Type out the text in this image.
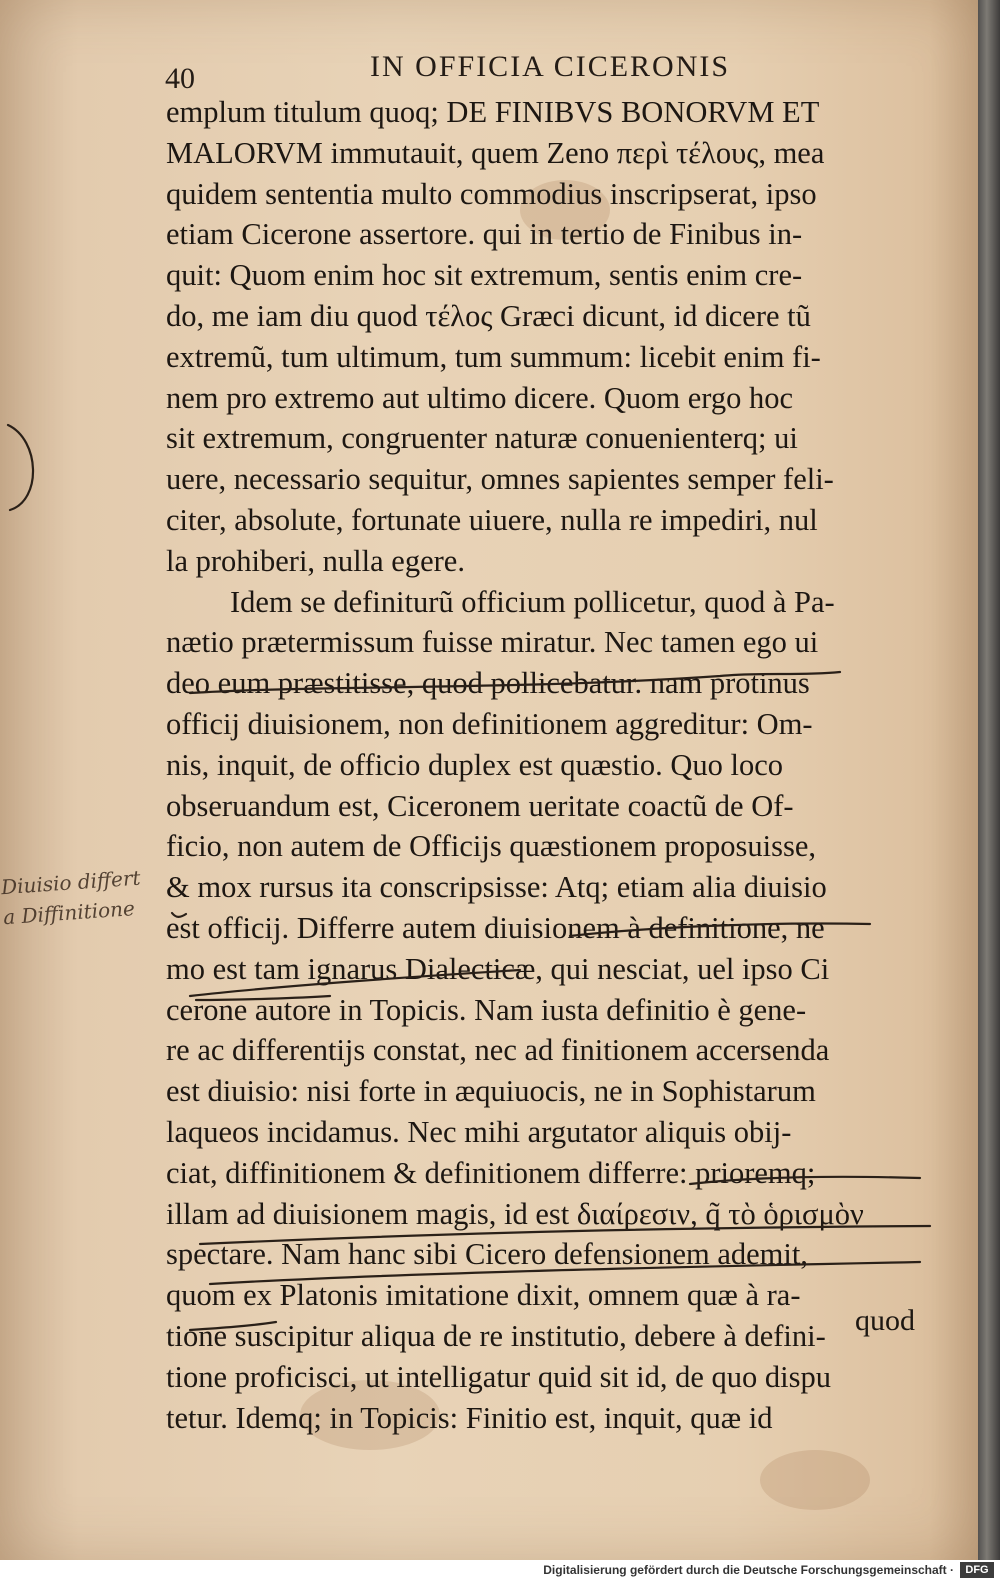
40	IN OFFICIA CICERONIS
emplum titulum quoq; DE FINIBVS BONORVM ET
MALORVM immutauit, quem Zeno περὶ τέλους, mea
quidem sententia multo commodius inscripserat, ipso
etiam Cicerone assertore. qui in tertio de Finibus in-
quit: Quom enim hoc sit extremum, sentis enim cre-
do, me iam diu quod τέλος Græci dicunt, id dicere tũ
extremũ, tum ultimum, tum summum: licebit enim fi-
nem pro extremo aut ultimo dicere. Quom ergo hoc
sit extremum, congruenter naturæ conuenienterq; ui
uere, necessario sequitur, omnes sapientes semper feli-
citer, absolute, fortunate uiuere, nulla re impediri, nul
la prohiberi, nulla egere.
Idem se definiturũ officium pollicetur, quod à Pa-
nætio prætermissum fuisse miratur. Nec tamen ego ui
deo eum præstitisse, quod pollicebatur. nam protinus
officij diuisionem, non definitionem aggreditur: Om-
nis, inquit, de officio duplex est quæstio. Quo loco
obseruandum est, Ciceronem ueritate coactũ de Of-
ficio, non autem de Officijs quæstionem proposuisse,
& mox rursus ita conscripsisse: Atq; etiam alia diuisio
est officij. Differre autem diuisionem à definitione, ne
mo est tam ignarus Dialecticæ, qui nesciat, uel ipso Ci
cerone autore in Topicis. Nam iusta definitio è gene-
re ac differentijs constat, nec ad finitionem accersenda
est diuisio: nisi forte in æquiuocis, ne in Sophistarum
laqueos incidamus. Nec mihi argutator aliquis obij-
ciat, diffinitionem & definitionem differre: prioremq;
illam ad diuisionem magis, id est διαίρεσιν, q̃ τὸ ὁρισμὸν
spectare. Nam hanc sibi Cicero defensionem ademit,
quom ex Platonis imitatione dixit, omnem quæ à ra-
tione suscipitur aliqua de re institutio, debere à defini-
tione proficisci, ut intelligatur quid sit id, de quo dispu
tetur. Idemq; in Topicis: Finitio est, inquit, quæ id
quod
Diuisio differt
a Diffinitione
Digitalisierung gefördert durch die Deutsche Forschungsgemeinschaft ·	DFG
